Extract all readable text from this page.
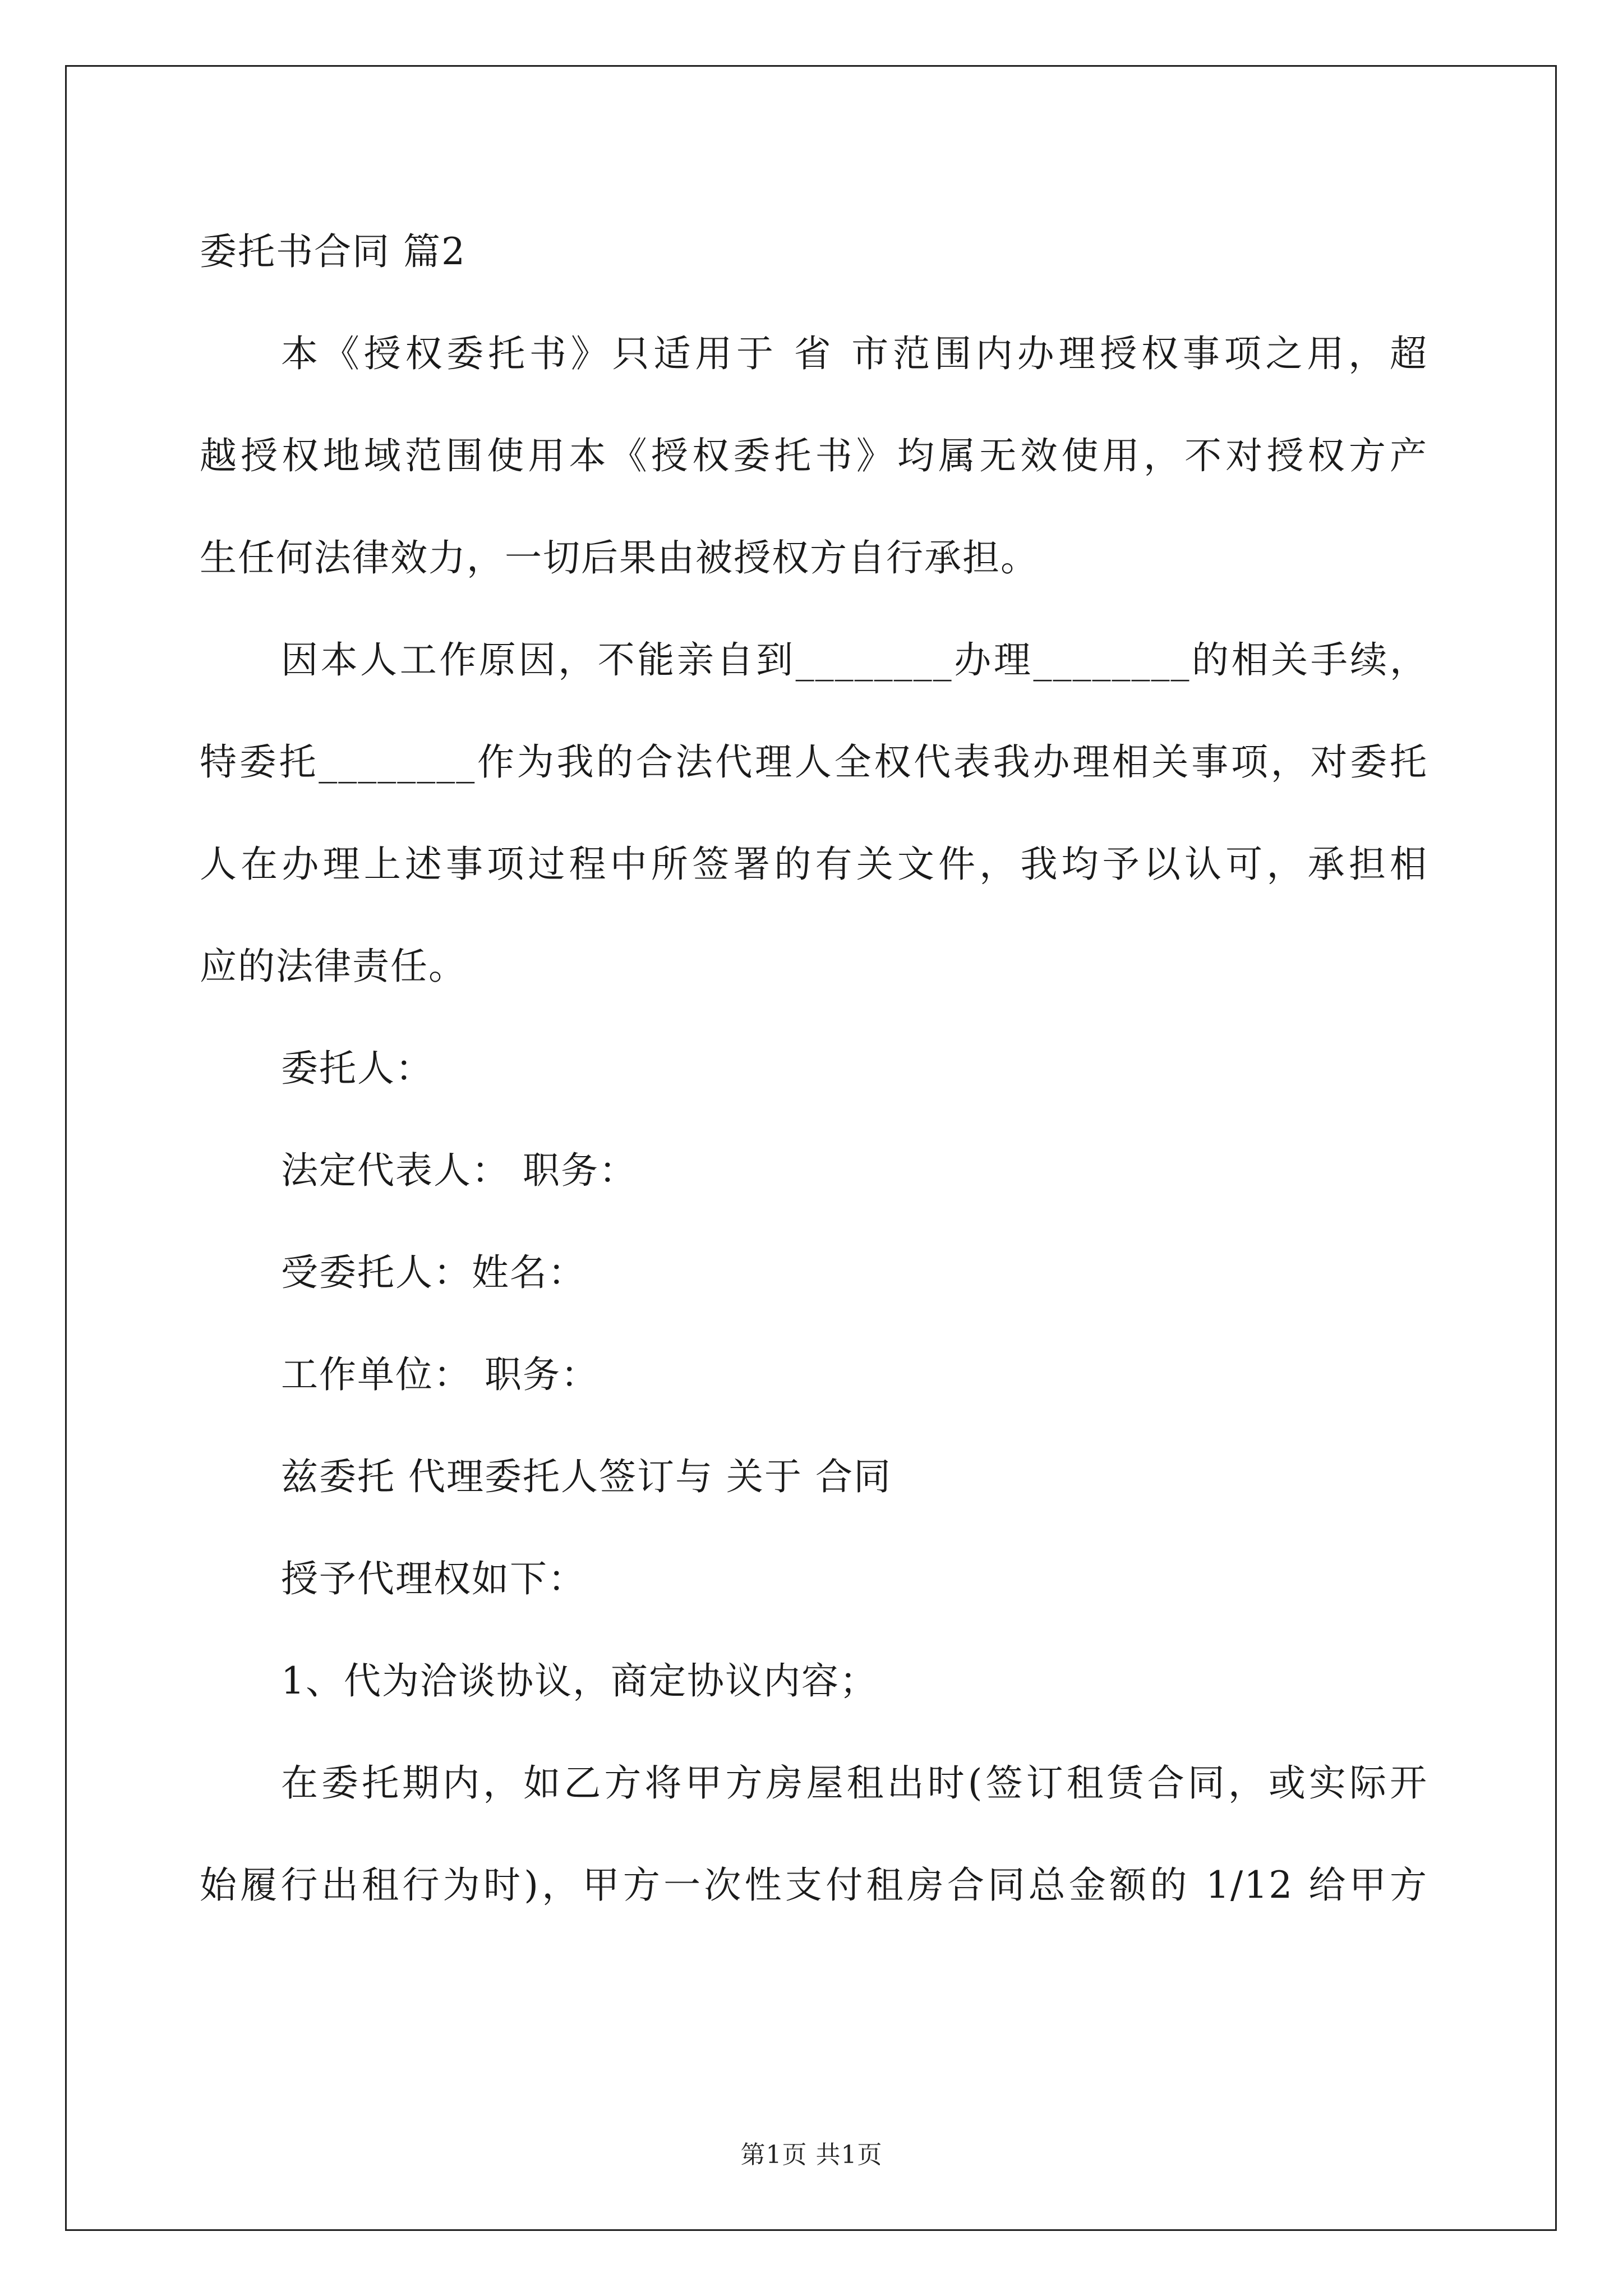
委托书合同 篇2
本《授权委托书》只适用于 省 市范围内办理授权事项之用，超
越授权地域范围使用本《授权委托书》均属无效使用，不对授权方产
生任何法律效力，一切后果由被授权方自行承担。
因本人工作原因，不能亲自到________办理________的相关手续，
特委托________作为我的合法代理人全权代表我办理相关事项，对委托
人在办理上述事项过程中所签署的有关文件，我均予以认可，承担相
应的法律责任。
委托人：
法定代表人： 职务：
受委托人：姓名：
工作单位： 职务：
兹委托 代理委托人签订与 关于 合同
授予代理权如下：
1、代为洽谈协议，商定协议内容；
在委托期内，如乙方将甲方房屋租出时(签订租赁合同，或实际开
始履行出租行为时)，甲方一次性支付租房合同总金额的 1/12 给甲方
第1页 共1页
